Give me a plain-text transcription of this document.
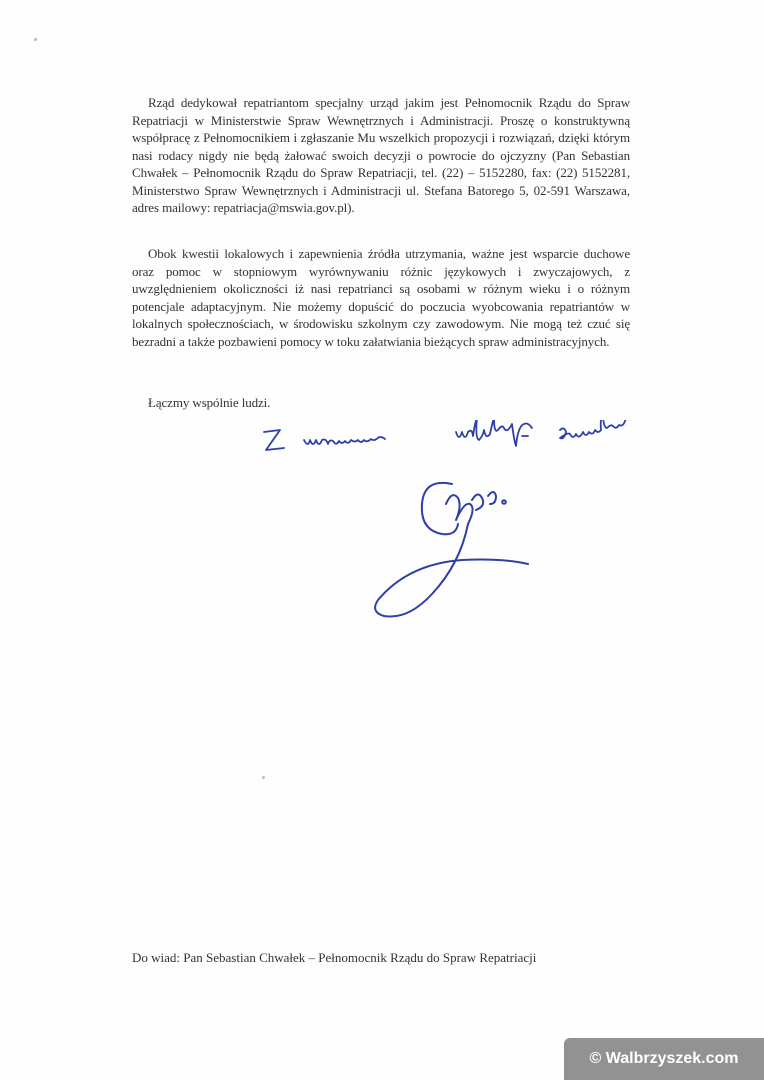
Rząd dedykował repatriantom specjalny urząd jakim jest Pełnomocnik Rządu do Spraw Repatriacji w Ministerstwie Spraw Wewnętrznych i Administracji. Proszę o konstruktywną współpracę z Pełnomocnikiem i zgłaszanie Mu wszelkich propozycji i rozwiązań, dzięki którym nasi rodacy nigdy nie będą żałować swoich decyzji o powrocie do ojczyzny (Pan Sebastian Chwałek – Pełnomocnik Rządu do Spraw Repatriacji, tel. (22) – 5152280, fax: (22) 5152281, Ministerstwo Spraw Wewnętrznych i Administracji ul. Stefana Batorego 5, 02-591 Warszawa, adres mailowy: repatriacja@mswia.gov.pl).
Obok kwestii lokalowych i zapewnienia źródła utrzymania, ważne jest wsparcie duchowe oraz pomoc w stopniowym wyrównywaniu różnic językowych i zwyczajowych, z uwzględnieniem okoliczności iż nasi repatrianci są osobami w różnym wieku i o różnym potencjale adaptacyjnym. Nie możemy dopuścić do poczucia wyobcowania repatriantów w lokalnych społecznościach, w środowisku szkolnym czy zawodowym. Nie mogą też czuć się bezradni a także pozbawieni pomocy w toku załatwiania bieżących spraw administracyjnych.
Łączmy wspólnie ludzi.
Do wiad: Pan Sebastian Chwałek – Pełnomocnik Rządu do Spraw Repatriacji
© Walbrzyszek.com
